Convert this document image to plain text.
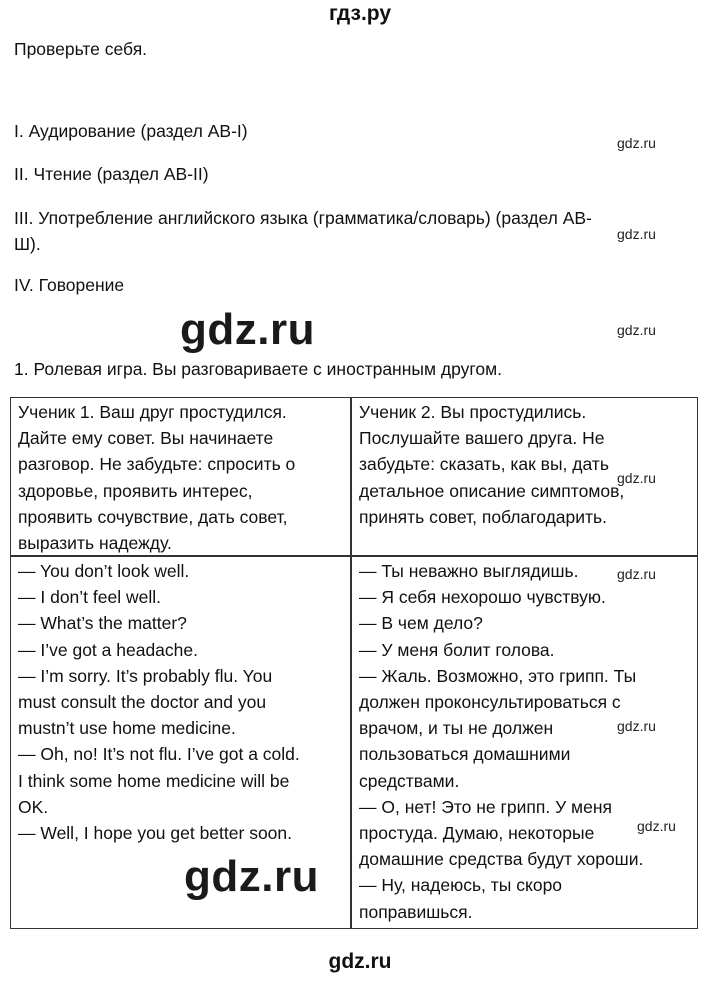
гдз.ру
Проверьте себя.
I. Аудирование (раздел АВ-I)
II. Чтение (раздел АВ-II)
III. Употребление английского языка (грамматика/словарь) (раздел АВ-
Ш).
IV. Говорение
1. Ролевая игра. Вы разговариваете с иностранным другом.
Ученик 1. Ваш друг простудился.
Дайте ему совет. Вы начинаете
разговор. Не забудьте: спросить о
здоровье, проявить интерес,
проявить сочувствие, дать совет,
выразить надежду.
Ученик 2. Вы простудились.
Послушайте вашего друга. Не
забудьте: сказать, как вы, дать
детальное описание симптомов,
принять совет, поблагодарить.
— You don’t look well.
— I don’t feel well.
— What’s the matter?
— I’ve got a headache.
— I’m sorry. It’s probably flu. You
must consult the doctor and you
mustn’t use home medicine.
— Oh, no! It’s not flu. I’ve got a cold.
I think some home medicine will be
OK.
— Well, I hope you get better soon.
— Ты неважно выглядишь.
— Я себя нехорошо чувствую.
— В чем дело?
— У меня болит голова.
— Жаль. Возможно, это грипп. Ты
должен проконсультироваться с
врачом, и ты не должен
пользоваться домашними
средствами.
— О, нет! Это не грипп. У меня
простуда. Думаю, некоторые
домашние средства будут хороши.
— Ну, надеюсь, ты скоро
поправишься.
gdz.ru
gdz.ru
gdz.ru
gdz.ru
gdz.ru
gdz.ru
gdz.ru
gdz.ru
gdz.ru
gdz.ru
